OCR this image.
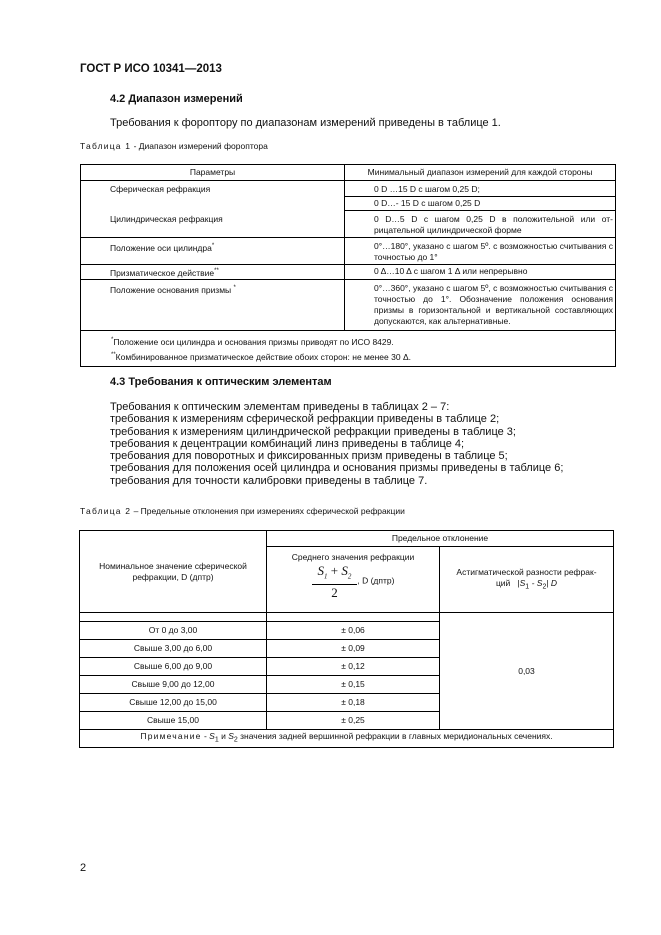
ГОСТ Р ИСО 10341—2013
4.2 Диапазон измерений
Требования к фороптору по диапазонам измерений приведены в таблице 1.
Таблица 1 - Диапазон измерений фороптора
Параметры	Минимальный диапазон измерений для каждой стороны
Сферическая рефракция	0 D …15 D с шагом 0,25 D;
	0 D…- 15 D с шагом 0,25 D
Цилиндрическая рефракция	0 D…5 D с шагом 0,25 D в положительной или от-рицательной цилиндрической форме
Положение оси цилиндра*	0°…180°, указано с шагом 5º. с возможностью считывания с точностью до 1°
Призматическое действие**	0 Δ…10 Δ с шагом 1 Δ или непрерывно
Положение основания призмы *	0°…360°, указано с шагом 5º, с возможностью считывания с точностью до 1°. Обозначение положения основания призмы в горизонтальной и вертикальной составляющих допускаются, как альтернативные.

*Положение оси цилиндра и основания призмы приводят по ИСО 8429.
**Комбинированное призматическое действие обоих сторон: не менее 30 Δ.	
4.3 Требования к оптическим элементам
Требования к оптическим элементам приведены в таблицах 2 – 7:
требования к измерениям сферической рефракции приведены в таблице 2;
требования к измерениям цилиндрической рефракции приведены в таблице 3;
требования к децентрации комбинаций линз приведены в таблице 4;
требования для поворотных и фиксированных призм приведены в таблице 5;
требования для положения осей цилиндра и основания призмы приведены в таблице 6;
требования для точности калибровки приведены в таблице 7.
Таблица 2 – Предельные отклонения при измерениях сферической рефракции
Номинальное значение сферической рефракции, D (дптр)	Предельное отклонение	

	Среднего значения рефракции
$\frac{S_1 + S_2}{2}$ , D (дптр)	Астигматической разности рефрак-ций $|S_1 - S_2|$ D
		0,03
От 0 до 3,00	± 0,06	
Свыше 3,00 до 6,00	± 0,09	
Свыше 6,00 до 9,00	± 0,12	
Свыше 9,00 до 12,00	± 0,15	
Свыше 12,00 до 15,00	± 0,18	
Свыше 15,00	± 0,25	
Примечание - $S_1$ и $S_2$ значения задней вершинной рефракции в главных меридиональных сечениях.		
2
